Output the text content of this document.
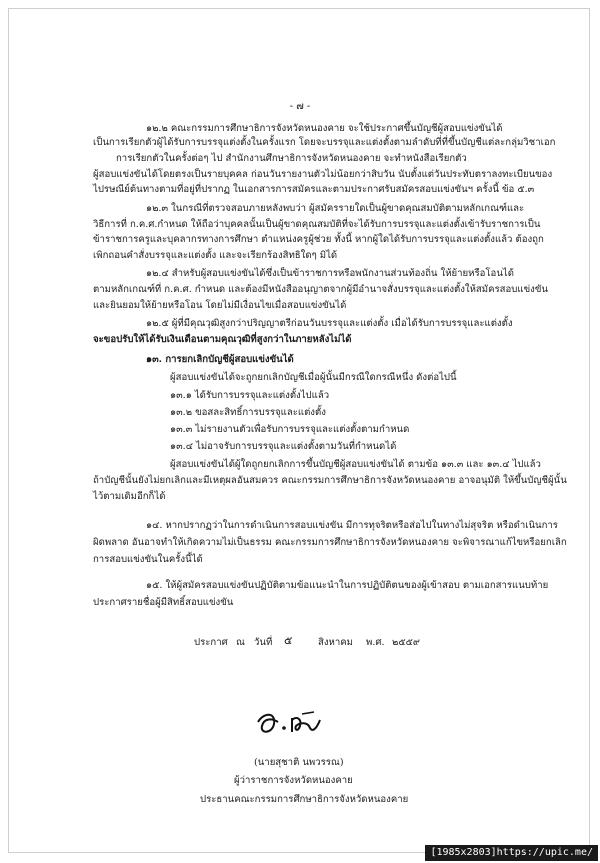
- ๗ -
๑๒.๒ คณะกรรมการศึกษาธิการจังหวัดหนองคาย จะใช้ประกาศขึ้นบัญชีผู้สอบแข่งขันได้
เป็นการเรียกตัวผู้ได้รับการบรรจุแต่งตั้งในครั้งแรก โดยจะบรรจุและแต่งตั้งตามลำดับที่ที่ขึ้นบัญชีแต่ละกลุ่มวิชาเอก
การเรียกตัวในครั้งต่อๆ ไป สำนักงานศึกษาธิการจังหวัดหนองคาย จะทำหนังสือเรียกตัว
ผู้สอบแข่งขันได้โดยตรงเป็นรายบุคคล ก่อนวันรายงานตัวไม่น้อยกว่าสิบวัน นับตั้งแต่วันประทับตราลงทะเบียนของ
ไปรษณีย์ต้นทางตามที่อยู่ที่ปรากฏ ในเอกสารการสมัครและตามประกาศรับสมัครสอบแข่งขันฯ ครั้งนี้ ข้อ ๕.๓
๑๒.๓ ในกรณีที่ตรวจสอบภายหลังพบว่า ผู้สมัครรายใดเป็นผู้ขาดคุณสมบัติตามหลักเกณฑ์และ
วิธีการที่ ก.ค.ศ.กำหนด ให้ถือว่าบุคคลนั้นเป็นผู้ขาดคุณสมบัติที่จะได้รับการบรรจุและแต่งตั้งเข้ารับราชการเป็น
ข้าราชการครูและบุคลากรทางการศึกษา ตำแหน่งครูผู้ช่วย ทั้งนี้ หากผู้ใดได้รับการบรรจุและแต่งตั้งแล้ว ต้องถูก
เพิกถอนคำสั่งบรรจุและแต่งตั้ง และจะเรียกร้องสิทธิใดๆ มิได้
๑๒.๔ สำหรับผู้สอบแข่งขันได้ซึ่งเป็นข้าราชการหรือพนักงานส่วนท้องถิ่น ให้ย้ายหรือโอนได้
ตามหลักเกณฑ์ที่ ก.ค.ศ. กำหนด และต้องมีหนังสืออนุญาตจากผู้มีอำนาจสั่งบรรจุและแต่งตั้งให้สมัครสอบแข่งขัน
และยินยอมให้ย้ายหรือโอน โดยไม่มีเงื่อนไขเมื่อสอบแข่งขันได้
๑๒.๕ ผู้ที่มีคุณวุฒิสูงกว่าปริญญาตรีก่อนวันบรรจุและแต่งตั้ง เมื่อได้รับการบรรจุและแต่งตั้ง
จะขอปรับให้ได้รับเงินเดือนตามคุณวุฒิที่สูงกว่าในภายหลังไม่ได้
๑๓. การยกเลิกบัญชีผู้สอบแข่งขันได้
ผู้สอบแข่งขันได้จะถูกยกเลิกบัญชีเมื่อผู้นั้นมีกรณีใดกรณีหนึ่ง ดังต่อไปนี้
๑๓.๑ ได้รับการบรรจุและแต่งตั้งไปแล้ว
๑๓.๒ ขอสละสิทธิ์การบรรจุและแต่งตั้ง
๑๓.๓ ไม่รายงานตัวเพื่อรับการบรรจุและแต่งตั้งตามกำหนด
๑๓.๔ ไม่อาจรับการบรรจุและแต่งตั้งตามวันที่กำหนดได้
ผู้สอบแข่งขันได้ผู้ใดถูกยกเลิกการขึ้นบัญชีผู้สอบแข่งขันได้ ตามข้อ ๑๓.๓ และ ๑๓.๔ ไปแล้ว
ถ้าบัญชีนั้นยังไม่ยกเลิกและมีเหตุผลอันสมควร คณะกรรมการศึกษาธิการจังหวัดหนองคาย อาจอนุมัติ ให้ขึ้นบัญชีผู้นั้น
ไว้ตามเดิมอีกก็ได้
๑๔. หากปรากฏว่าในการดำเนินการสอบแข่งขัน มีการทุจริตหรือส่อไปในทางไม่สุจริต หรือดำเนินการ
ผิดพลาด อันอาจทำให้เกิดความไม่เป็นธรรม คณะกรรมการศึกษาธิการจังหวัดหนองคาย จะพิจารณาแก้ไขหรือยกเลิก
การสอบแข่งขันในครั้งนี้ได้
๑๕. ให้ผู้สมัครสอบแข่งขันปฏิบัติตามข้อแนะนำในการปฏิบัติตนของผู้เข้าสอบ ตามเอกสารแนบท้าย
ประกาศรายชื่อผู้มีสิทธิ์สอบแข่งขัน
ประกาศ ณ วันที่ ๕	สิงหาคม พ.ศ. ๒๕๕๙
(นายสุชาติ นพวรรณ)
ผู้ว่าราชการจังหวัดหนองคาย
ประธานคณะกรรมการศึกษาธิการจังหวัดหนองคาย
[1985x2803]https://upic.me/
